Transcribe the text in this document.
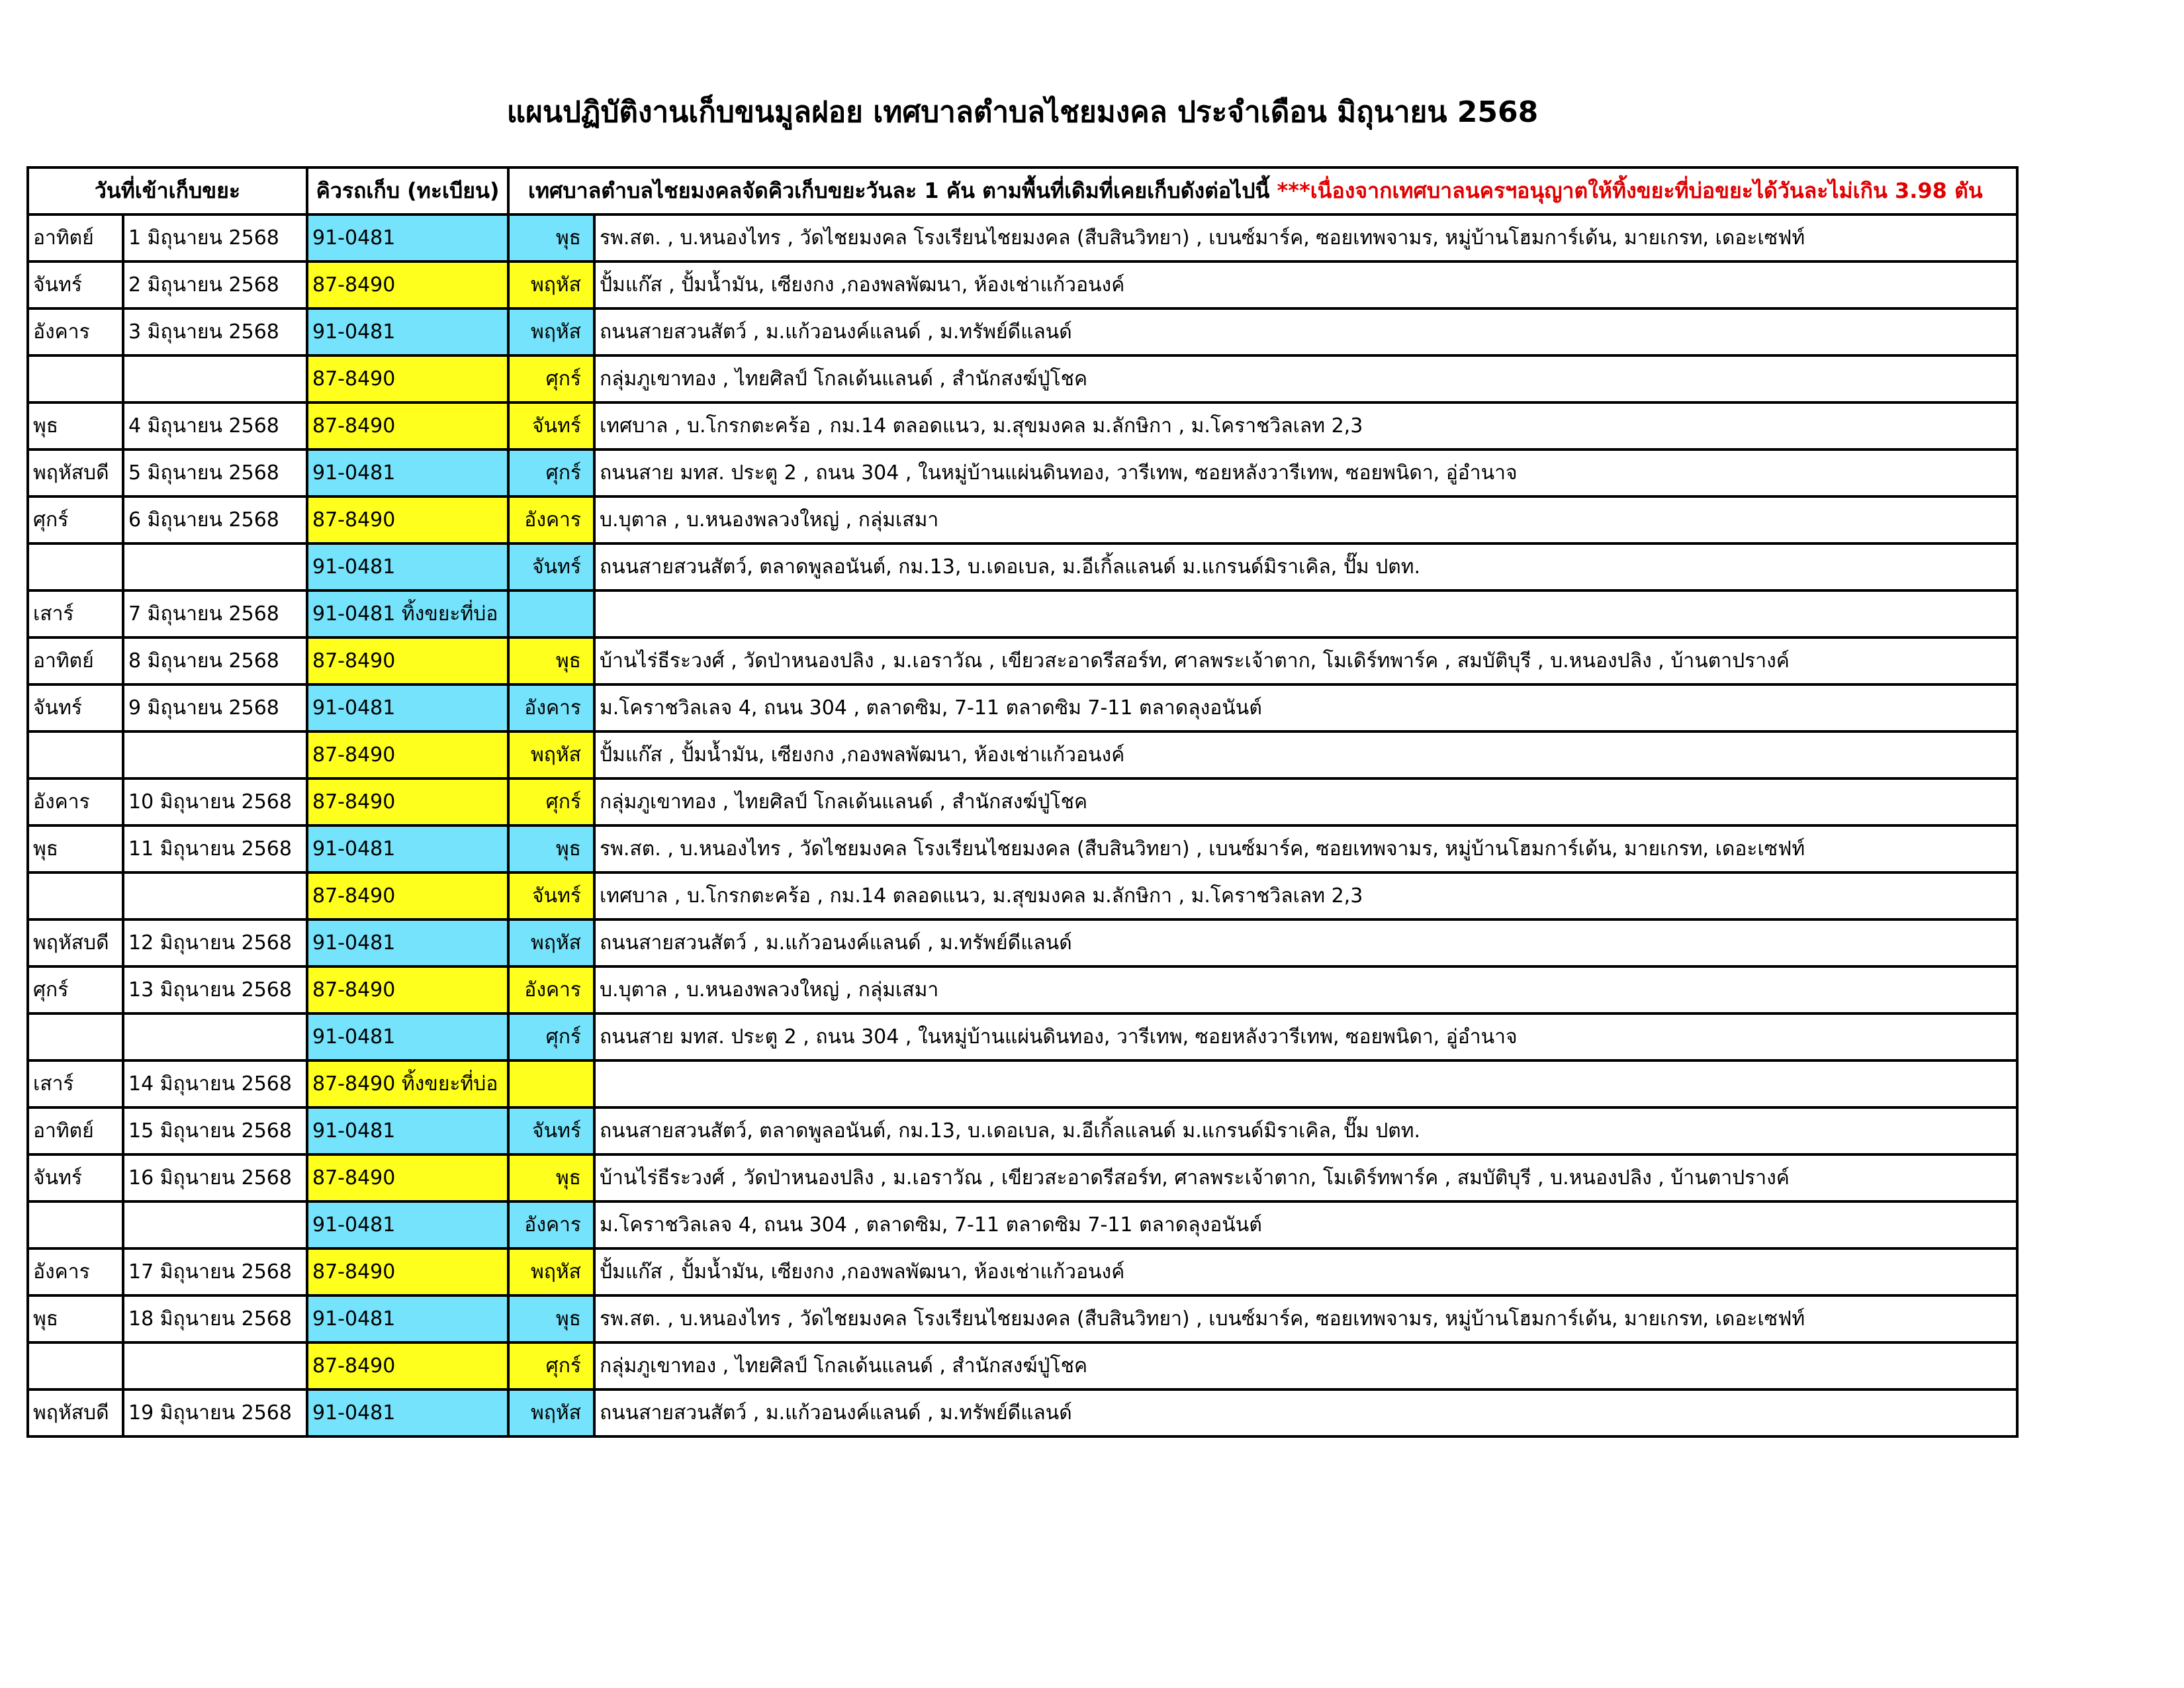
แผนปฏิบัติงานเก็บขนมูลฝอย เทศบาลตำบลไชยมงคล ประจำเดือน มิถุนายน 2568
วันที่เข้าเก็บขยะ		คิวรถเก็บ (ทะเบียน)	เทศบาลตำบลไชยมงคลจัดคิวเก็บขยะวันละ 1 คัน ตามพื้นที่เดิมที่เคยเก็บดังต่อไปนี้ ***เนื่องจากเทศบาลนครฯอนุญาตให้ทิ้งขยะที่บ่อขยะได้วันละไม่เกิน 3.98 ตัน	
อาทิตย์	1 มิถุนายน 2568	91-0481	พุธ	รพ.สต. , บ.หนองไทร , วัดไชยมงคล โรงเรียนไชยมงคล (สืบสินวิทยา) , เบนซ์มาร์ค, ซอยเทพจามร, หมู่บ้านโฮมการ์เด้น, มายเกรท, เดอะเซฟท์
จันทร์	2 มิถุนายน 2568	87-8490	พฤหัส	ปั้มแก๊ส , ปั้มน้ำมัน, เซียงกง ,กองพลพัฒนา, ห้องเช่าแก้วอนงค์
อังคาร	3 มิถุนายน 2568	91-0481	พฤหัส	ถนนสายสวนสัตว์ , ม.แก้วอนงค์แลนด์ , ม.ทรัพย์ดีแลนด์
		87-8490	ศุกร์	กลุ่มภูเขาทอง , ไทยศิลป์ โกลเด้นแลนด์ , สำนักสงฆ์ปู่โชค
พุธ	4 มิถุนายน 2568	87-8490	จันทร์	เทศบาล , บ.โกรกตะคร้อ , กม.14 ตลอดแนว, ม.สุขมงคล ม.ลักษิกา , ม.โคราชวิลเลท 2,3
พฤหัสบดี	5 มิถุนายน 2568	91-0481	ศุกร์	ถนนสาย มทส. ประตู 2 , ถนน 304 , ในหมู่บ้านแผ่นดินทอง, วารีเทพ, ซอยหลังวารีเทพ, ซอยพนิดา, อู่อำนาจ
ศุกร์	6 มิถุนายน 2568	87-8490	อังคาร	บ.บุตาล , บ.หนองพลวงใหญ่ , กลุ่มเสมา
		91-0481	จันทร์	ถนนสายสวนสัตว์, ตลาดพูลอนันต์, กม.13, บ.เดอเบล, ม.อีเกิ้ลแลนด์ ม.แกรนด์มิราเคิล, ปั๊ม ปตท.
เสาร์	7 มิถุนายน 2568	91-0481 ทิ้งขยะที่บ่อ		
อาทิตย์	8 มิถุนายน 2568	87-8490	พุธ	บ้านไร่ธีระวงศ์ , วัดป่าหนองปลิง , ม.เอราวัณ , เขียวสะอาดรีสอร์ท, ศาลพระเจ้าตาก, โมเดิร์ทพาร์ค , สมบัติบุรี , บ.หนองปลิง , บ้านตาปรางค์
จันทร์	9 มิถุนายน 2568	91-0481	อังคาร	ม.โคราชวิลเลจ 4, ถนน 304 , ตลาดซิม, 7-11 ตลาดซิม 7-11 ตลาดลุงอนันต์
		87-8490	พฤหัส	ปั้มแก๊ส , ปั้มน้ำมัน, เซียงกง ,กองพลพัฒนา, ห้องเช่าแก้วอนงค์
อังคาร	10 มิถุนายน 2568	87-8490	ศุกร์	กลุ่มภูเขาทอง , ไทยศิลป์ โกลเด้นแลนด์ , สำนักสงฆ์ปู่โชค
พุธ	11 มิถุนายน 2568	91-0481	พุธ	รพ.สต. , บ.หนองไทร , วัดไชยมงคล โรงเรียนไชยมงคล (สืบสินวิทยา) , เบนซ์มาร์ค, ซอยเทพจามร, หมู่บ้านโฮมการ์เด้น, มายเกรท, เดอะเซฟท์
		87-8490	จันทร์	เทศบาล , บ.โกรกตะคร้อ , กม.14 ตลอดแนว, ม.สุขมงคล ม.ลักษิกา , ม.โคราชวิลเลท 2,3
พฤหัสบดี	12 มิถุนายน 2568	91-0481	พฤหัส	ถนนสายสวนสัตว์ , ม.แก้วอนงค์แลนด์ , ม.ทรัพย์ดีแลนด์
ศุกร์	13 มิถุนายน 2568	87-8490	อังคาร	บ.บุตาล , บ.หนองพลวงใหญ่ , กลุ่มเสมา
		91-0481	ศุกร์	ถนนสาย มทส. ประตู 2 , ถนน 304 , ในหมู่บ้านแผ่นดินทอง, วารีเทพ, ซอยหลังวารีเทพ, ซอยพนิดา, อู่อำนาจ
เสาร์	14 มิถุนายน 2568	87-8490 ทิ้งขยะที่บ่อ		
อาทิตย์	15 มิถุนายน 2568	91-0481	จันทร์	ถนนสายสวนสัตว์, ตลาดพูลอนันต์, กม.13, บ.เดอเบล, ม.อีเกิ้ลแลนด์ ม.แกรนด์มิราเคิล, ปั๊ม ปตท.
จันทร์	16 มิถุนายน 2568	87-8490	พุธ	บ้านไร่ธีระวงศ์ , วัดป่าหนองปลิง , ม.เอราวัณ , เขียวสะอาดรีสอร์ท, ศาลพระเจ้าตาก, โมเดิร์ทพาร์ค , สมบัติบุรี , บ.หนองปลิง , บ้านตาปรางค์
		91-0481	อังคาร	ม.โคราชวิลเลจ 4, ถนน 304 , ตลาดซิม, 7-11 ตลาดซิม 7-11 ตลาดลุงอนันต์
อังคาร	17 มิถุนายน 2568	87-8490	พฤหัส	ปั้มแก๊ส , ปั้มน้ำมัน, เซียงกง ,กองพลพัฒนา, ห้องเช่าแก้วอนงค์
พุธ	18 มิถุนายน 2568	91-0481	พุธ	รพ.สต. , บ.หนองไทร , วัดไชยมงคล โรงเรียนไชยมงคล (สืบสินวิทยา) , เบนซ์มาร์ค, ซอยเทพจามร, หมู่บ้านโฮมการ์เด้น, มายเกรท, เดอะเซฟท์
		87-8490	ศุกร์	กลุ่มภูเขาทอง , ไทยศิลป์ โกลเด้นแลนด์ , สำนักสงฆ์ปู่โชค
พฤหัสบดี	19 มิถุนายน 2568	91-0481	พฤหัส	ถนนสายสวนสัตว์ , ม.แก้วอนงค์แลนด์ , ม.ทรัพย์ดีแลนด์
